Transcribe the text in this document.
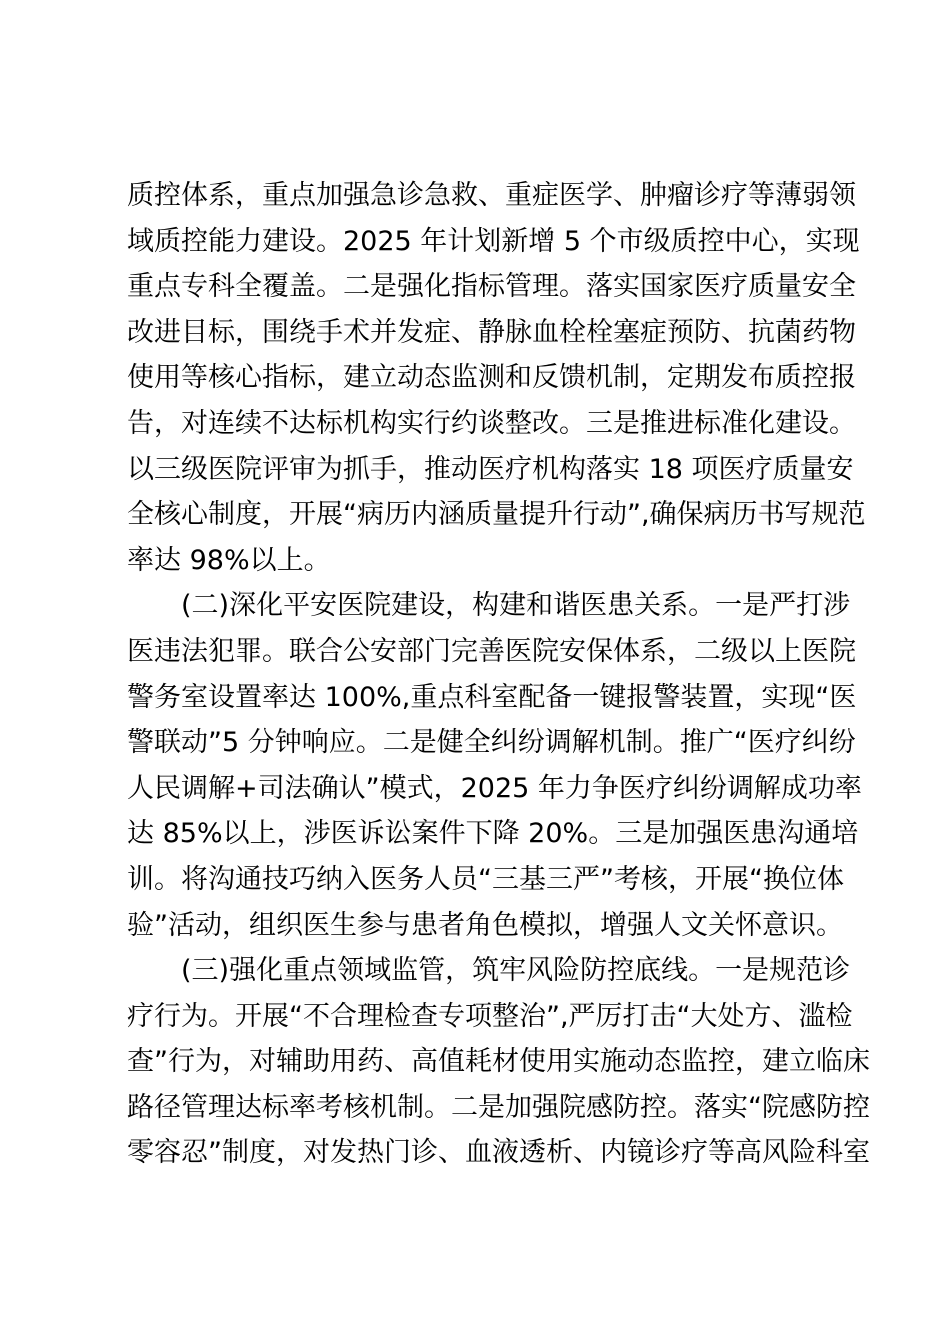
质控体系，重点加强急诊急救、重症医学、肿瘤诊疗等薄弱领
域质控能力建设。2025 年计划新增 5 个市级质控中心，实现
重点专科全覆盖。二是强化指标管理。落实国家医疗质量安全
改进目标，围绕手术并发症、静脉血栓栓塞症预防、抗菌药物
使用等核心指标，建立动态监测和反馈机制，定期发布质控报
告，对连续不达标机构实行约谈整改。三是推进标准化建设。
以三级医院评审为抓手，推动医疗机构落实 18 项医疗质量安
全核心制度，开展“病历内涵质量提升行动”,确保病历书写规范
率达 98%以上。
(二)深化平安医院建设，构建和谐医患关系。一是严打涉
医违法犯罪。联合公安部门完善医院安保体系，二级以上医院
警务室设置率达 100%,重点科室配备一键报警装置，实现“医
警联动”5 分钟响应。二是健全纠纷调解机制。推广“医疗纠纷
人民调解+司法确认”模式，2025 年力争医疗纠纷调解成功率
达 85%以上，涉医诉讼案件下降 20%。三是加强医患沟通培
训。将沟通技巧纳入医务人员“三基三严”考核，开展“换位体
验”活动，组织医生参与患者角色模拟，增强人文关怀意识。
(三)强化重点领域监管，筑牢风险防控底线。一是规范诊
疗行为。开展“不合理检查专项整治”,严厉打击“大处方、滥检
查”行为，对辅助用药、高值耗材使用实施动态监控，建立临床
路径管理达标率考核机制。二是加强院感防控。落实“院感防控
零容忍”制度，对发热门诊、血液透析、内镜诊疗等高风险科室
